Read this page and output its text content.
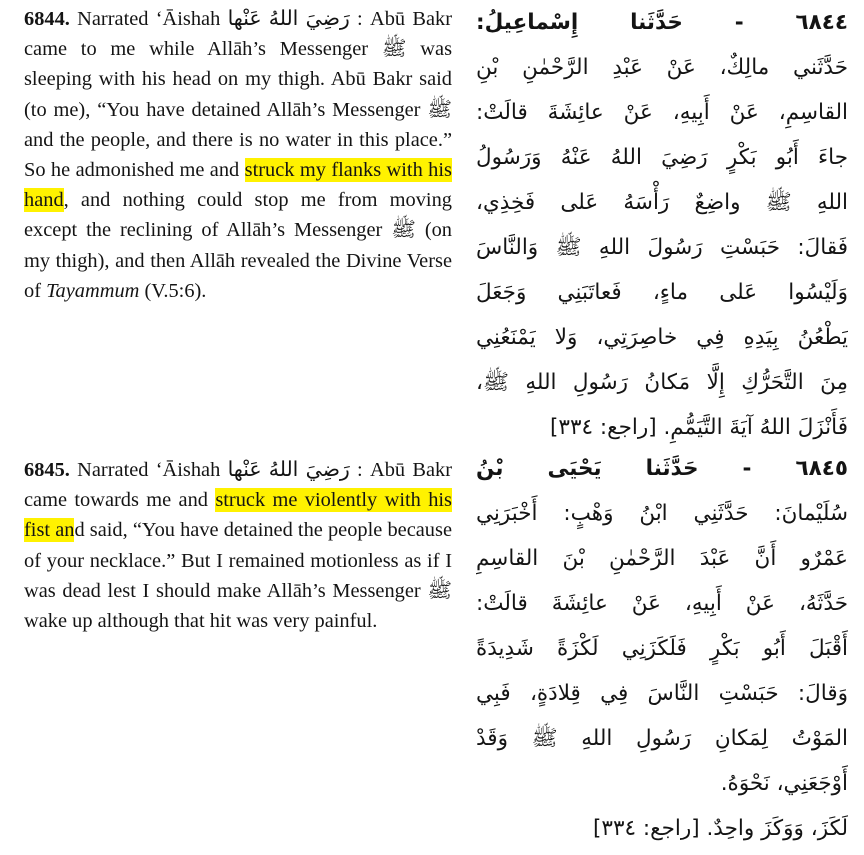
6844. Narrated ‘Āishah رَضِيَ اللهُ عَنْها : Abū Bakr came to me while Allāh’s Messenger ﷺ was sleeping with his head on my thigh. Abū Bakr said (to me), “You have detained Allāh’s Messenger ﷺ and the people, and there is no water in this place.” So he admonished me and struck my flanks with his hand, and nothing could stop me from moving except the reclining of Allāh’s Messenger ﷺ (on my thigh), and then Allāh revealed the Divine Verse of Tayammum (V.5:6).

6845. Narrated ‘Āishah رَضِيَ اللهُ عَنْها : Abū Bakr came towards me and struck me violently with his fist and said, “You have detained the people because of your necklace.” But I remained motionless as if I was dead lest I should make Allāh’s Messenger ﷺ wake up although that hit was very painful.

٦٨٤٤ - حَدَّثَنا إِسْماعِيلُ:
حَدَّثَني مالِكٌ، عَنْ عَبْدِ الرَّحْمٰنِ بْنِ
القاسِمِ، عَنْ أَبِيهِ، عَنْ عائِشَةَ قالَتْ:
جاءَ أَبُو بَكْرٍ رَضِيَ اللهُ عَنْهُ وَرَسُولُ
اللهِ ﷺ واضِعٌ رَأْسَهُ عَلى فَخِذِي،
فَقالَ: حَبَسْتِ رَسُولَ اللهِ ﷺ وَالنَّاسَ
وَلَيْسُوا عَلى ماءٍ، فَعاتَبَنِي وَجَعَلَ
يَطْعُنُ بِيَدِهِ فِي خاصِرَتِي، وَلا يَمْنَعُنِي
مِنَ التَّحَرُّكِ إِلَّا مَكانُ رَسُولِ اللهِ ﷺ،
فَأَنْزَلَ اللهُ آيَةَ التَّيَمُّمِ. [راجع: ٣٣٤]
٦٨٤٥ - حَدَّثَنا يَحْيَى بْنُ
سُلَيْمانَ: حَدَّثَنِي ابْنُ وَهْبٍ: أَخْبَرَنِي
عَمْرٌو أَنَّ عَبْدَ الرَّحْمٰنِ بْنَ القاسِمِ
حَدَّثَهُ، عَنْ أَبِيهِ، عَنْ عائِشَةَ قالَتْ:
أَقْبَلَ أَبُو بَكْرٍ فَلَكَزَنِي لَكْزَةً شَدِيدَةً
وَقالَ: حَبَسْتِ النَّاسَ فِي قِلادَةٍ، فَبِي
المَوْتُ لِمَكانِ رَسُولِ اللهِ ﷺ وَقَدْ
أَوْجَعَنِي، نَحْوَهُ.
لَكَزَ، وَوَكَزَ واحِدٌ. [راجع: ٣٣٤]
